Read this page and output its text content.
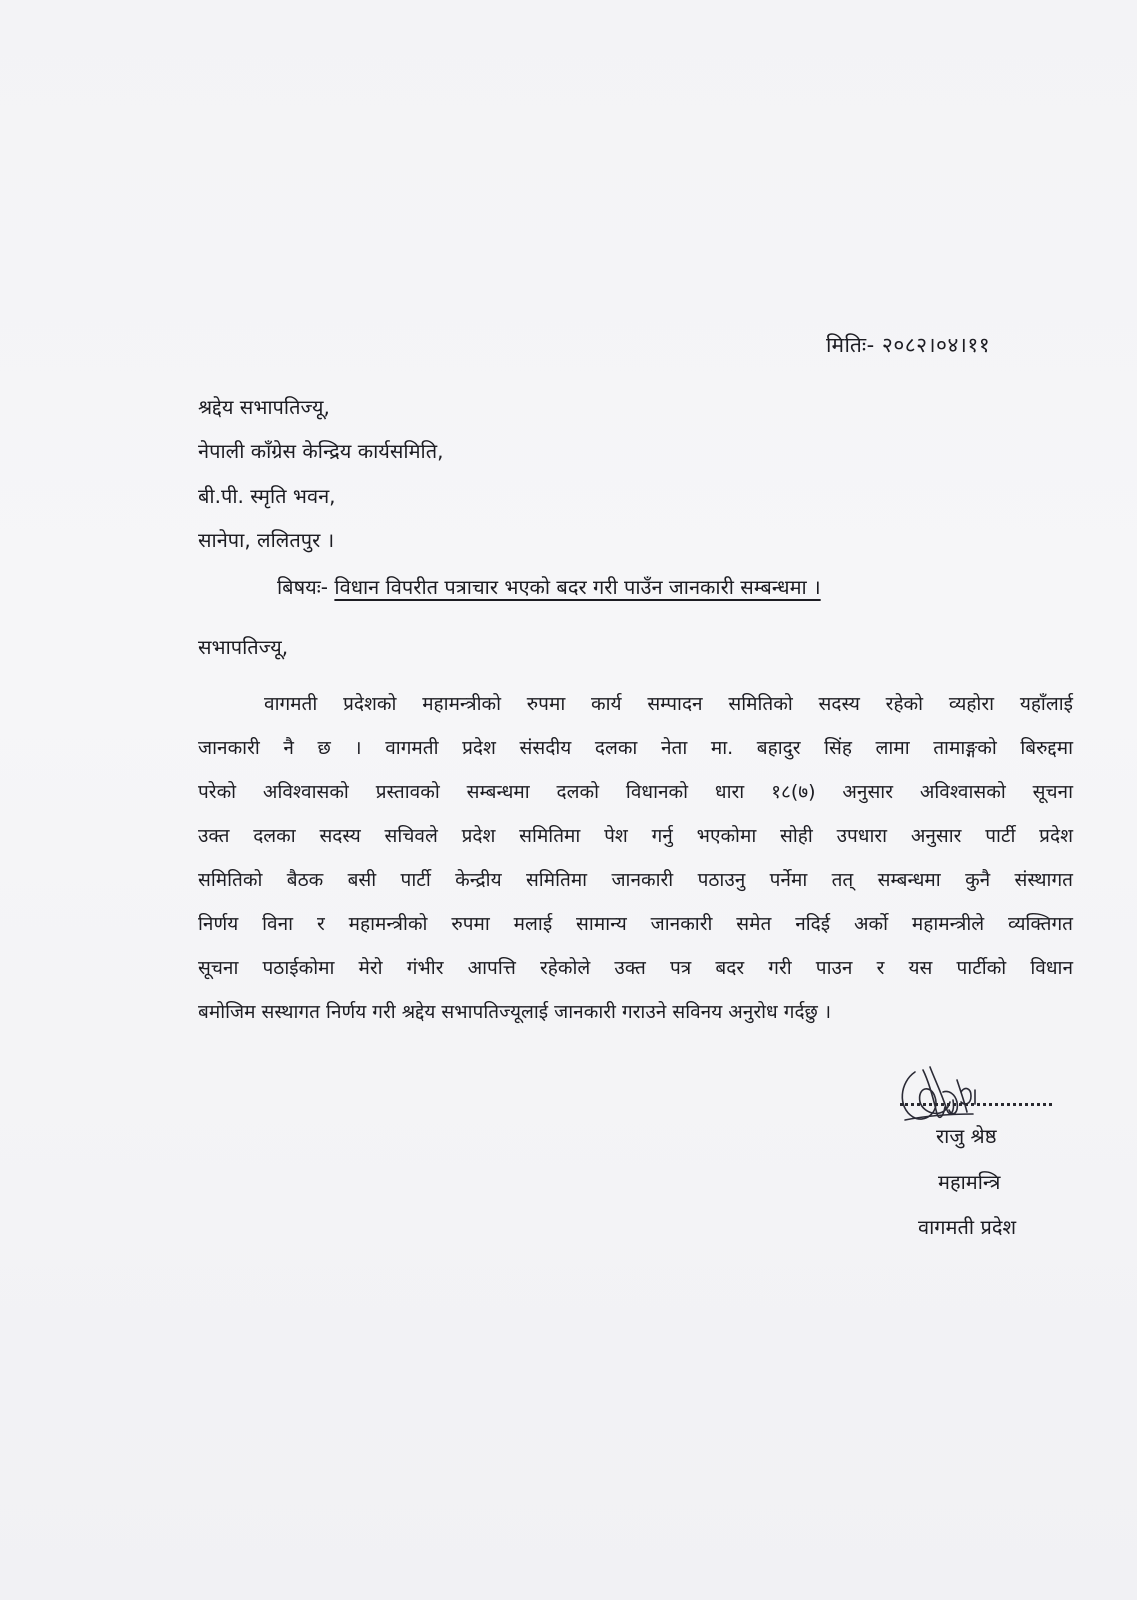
मितिः- २०८२।०४।११
श्रद्देय सभापतिज्यू,
नेपाली काँग्रेस केन्द्रिय कार्यसमिति,
बी.पी. स्मृति भवन,
सानेपा, ललितपुर ।
बिषयः- विधान विपरीत पत्राचार भएको बदर गरी पाउँन जानकारी सम्बन्धमा ।
सभापतिज्यू,
वागमती प्रदेशको महामन्त्रीको रुपमा कार्य सम्पादन समितिको सदस्य रहेको व्यहोरा यहाँलाई
जानकारी नै छ । वागमती प्रदेश संसदीय दलका नेता मा. बहादुर सिंह लामा तामाङ्गको बिरुद्दमा
परेको अविश्वासको प्रस्तावको सम्बन्धमा दलको विधानको धारा १८(७) अनुसार अविश्वासको सूचना
उक्त दलका सदस्य सचिवले प्रदेश समितिमा पेश गर्नु भएकोमा सोही उपधारा अनुसार पार्टी प्रदेश
समितिको बैठक बसी पार्टी केन्द्रीय समितिमा जानकारी पठाउनु पर्नेमा तत् सम्बन्धमा कुनै संस्थागत
निर्णय विना र महामन्त्रीको रुपमा मलाई सामान्य जानकारी समेत नदिई अर्को महामन्त्रीले व्यक्तिगत
सूचना पठाईकोमा मेरो गंभीर आपत्ति रहेकोले उक्त पत्र बदर गरी पाउन र यस पार्टीको विधान
बमोजिम सस्थागत निर्णय गरी श्रद्देय सभापतिज्यूलाई जानकारी गराउने सविनय अनुरोध गर्दछु ।
राजु श्रेष्ठ
महामन्त्रि
वागमती प्रदेश
